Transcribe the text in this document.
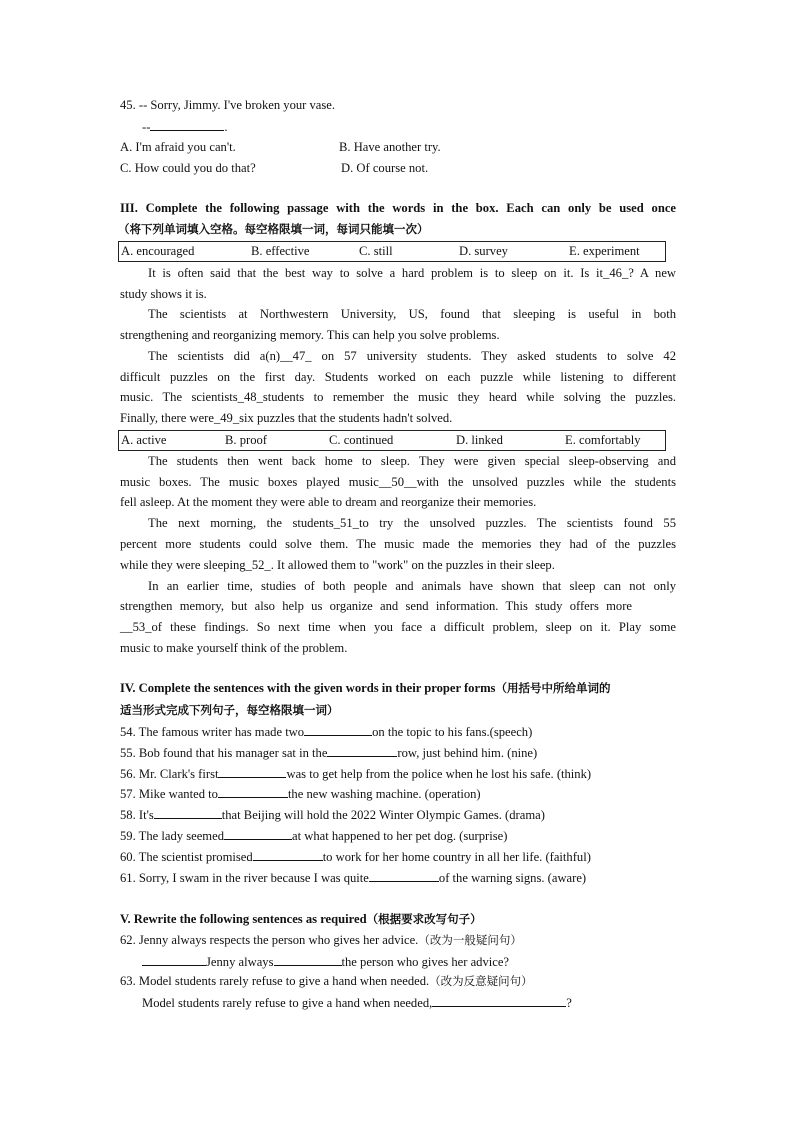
45. -- Sorry, Jimmy. I've broken your vase.
--	.
A. I'm afraid you can't.	B. Have another try.
C. How could you do that?	D. Of course not.
III. Complete the following passage with the words in the box. Each can only be used once
（将下列单词填入空格。每空格限填一词，每词只能填一次）
A. encouraged	B. effective	C. still	D. survey	E. experiment
It is often said that the best way to solve a hard problem is to sleep on it. Is it_46_? A new
study shows it is.
The scientists at Northwestern University, US, found that sleeping is useful in both
strengthening and reorganizing memory. This can help you solve problems.
The scientists did a(n)__47_ on 57 university students. They asked students to solve 42
difficult puzzles on the first day. Students worked on each puzzle while listening to different
music. The scientists_48_students to remember the music they heard while solving the puzzles.
Finally, there were_49_six puzzles that the students hadn't solved.
A. active	B. proof	C. continued	D. linked	E. comfortably
The students then went back home to sleep. They were given special sleep-observing and
music boxes. The music boxes played music__50__with the unsolved puzzles while the students
fell asleep. At the moment they were able to dream and reorganize their memories.
The next morning, the students_51_to try the unsolved puzzles. The scientists found 55
percent more students could solve them. The music made the memories they had of the puzzles
while they were sleeping_52_. It allowed them to "work" on the puzzles in their sleep.
In an earlier time, studies of both people and animals have shown that sleep can not only
strengthen memory, but also help us organize and send information. This study offers more
__53_of these findings. So next time when you face a difficult problem, sleep on it. Play some
music to make yourself think of the problem.
IV. Complete the sentences with the given words in their proper forms（用括号中所给单词的
适当形式完成下列句子，每空格限填一词）
54. The famous writer has made two	on the topic to his fans.(speech)
55. Bob found that his manager sat in the	row, just behind him. (nine)
56. Mr. Clark's first	was to get help from the police when he lost his safe. (think)
57. Mike wanted to	the new washing machine. (operation)
58. It's	that Beijing will hold the 2022 Winter Olympic Games. (drama)
59. The lady seemed	at what happened to her pet dog. (surprise)
60. The scientist promised	to work for her home country in all her life. (faithful)
61. Sorry, I swam in the river because I was quite	of the warning signs. (aware)
V. Rewrite the following sentences as required（根据要求改写句子）
62. Jenny always respects the person who gives her advice.（改为一般疑问句）
Jenny always	the person who gives her advice?
63. Model students rarely refuse to give a hand when needed.（改为反意疑问句）
Model students rarely refuse to give a hand when needed,	?
